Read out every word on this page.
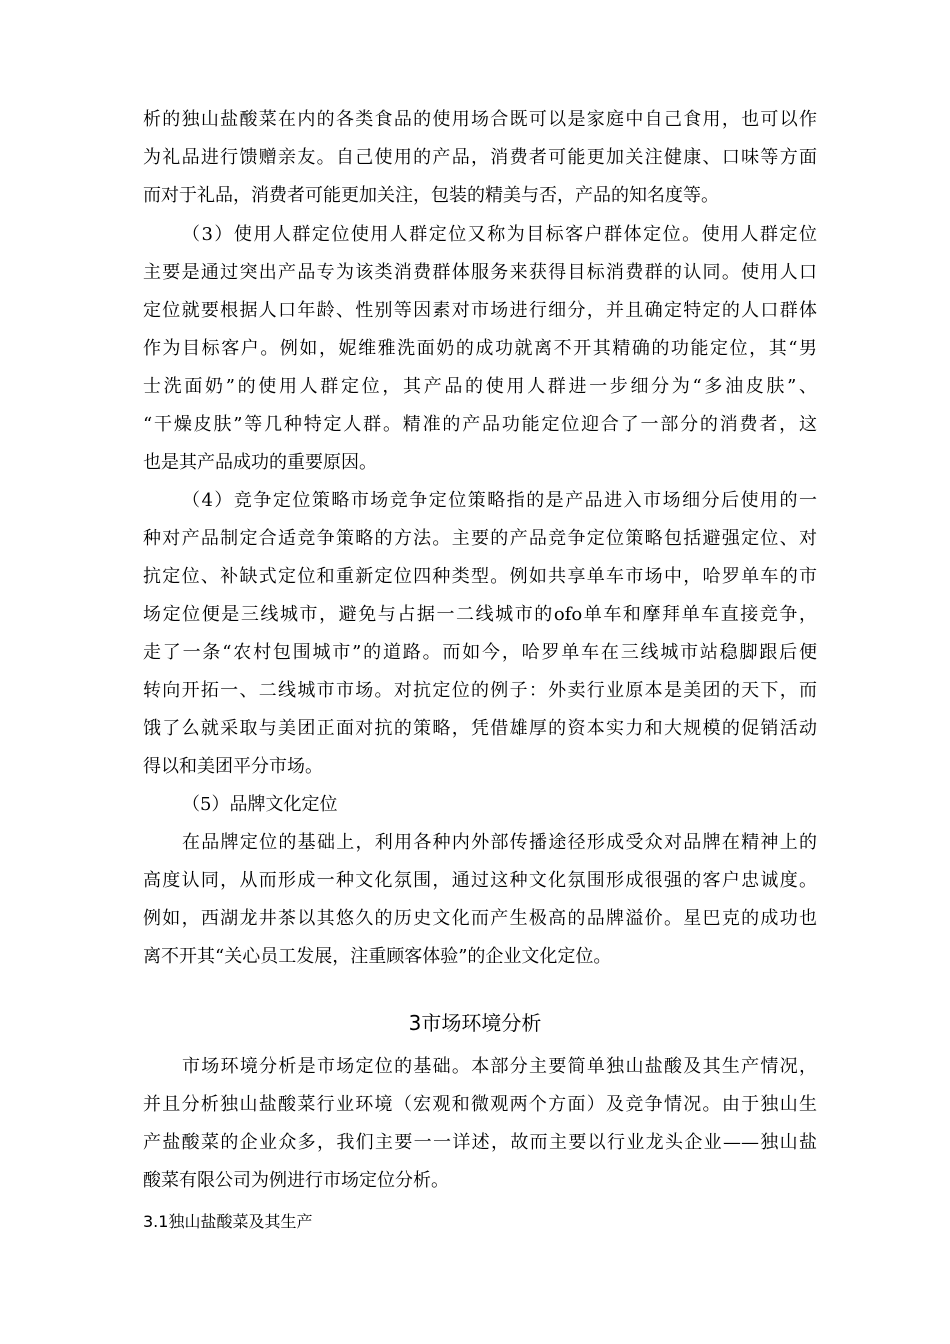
析的独山盐酸菜在内的各类食品的使用场合既可以是家庭中自己食用，也可以作
为礼品进行馈赠亲友。自己使用的产品，消费者可能更加关注健康、口味等方面
而对于礼品，消费者可能更加关注，包装的精美与否，产品的知名度等。
（3）使用人群定位使用人群定位又称为目标客户群体定位。使用人群定位
主要是通过突出产品专为该类消费群体服务来获得目标消费群的认同。使用人口
定位就要根据人口年龄、性别等因素对市场进行细分，并且确定特定的人口群体
作为目标客户。例如，妮维雅洗面奶的成功就离不开其精确的功能定位，其“男
士洗面奶”的使用人群定位，其产品的使用人群进一步细分为“多油皮肤”、
“干燥皮肤”等几种特定人群。精准的产品功能定位迎合了一部分的消费者，这
也是其产品成功的重要原因。
（4）竞争定位策略市场竞争定位策略指的是产品进入市场细分后使用的一
种对产品制定合适竞争策略的方法。主要的产品竞争定位策略包括避强定位、对
抗定位、补缺式定位和重新定位四种类型。例如共享单车市场中，哈罗单车的市
场定位便是三线城市，避免与占据一二线城市的ofo单车和摩拜单车直接竞争，
走了一条“农村包围城市”的道路。而如今，哈罗单车在三线城市站稳脚跟后便
转向开拓一、二线城市市场。对抗定位的例子：外卖行业原本是美团的天下，而
饿了么就采取与美团正面对抗的策略，凭借雄厚的资本实力和大规模的促销活动
得以和美团平分市场。
（5）品牌文化定位
在品牌定位的基础上，利用各种内外部传播途径形成受众对品牌在精神上的
高度认同，从而形成一种文化氛围，通过这种文化氛围形成很强的客户忠诚度。
例如，西湖龙井茶以其悠久的历史文化而产生极高的品牌溢价。星巴克的成功也
离不开其“关心员工发展，注重顾客体验”的企业文化定位。
3市场环境分析
市场环境分析是市场定位的基础。本部分主要简单独山盐酸及其生产情况，
并且分析独山盐酸菜行业环境（宏观和微观两个方面）及竞争情况。由于独山生
产盐酸菜的企业众多，我们主要一一详述，故而主要以行业龙头企业——独山盐
酸菜有限公司为例进行市场定位分析。
3.1独山盐酸菜及其生产
